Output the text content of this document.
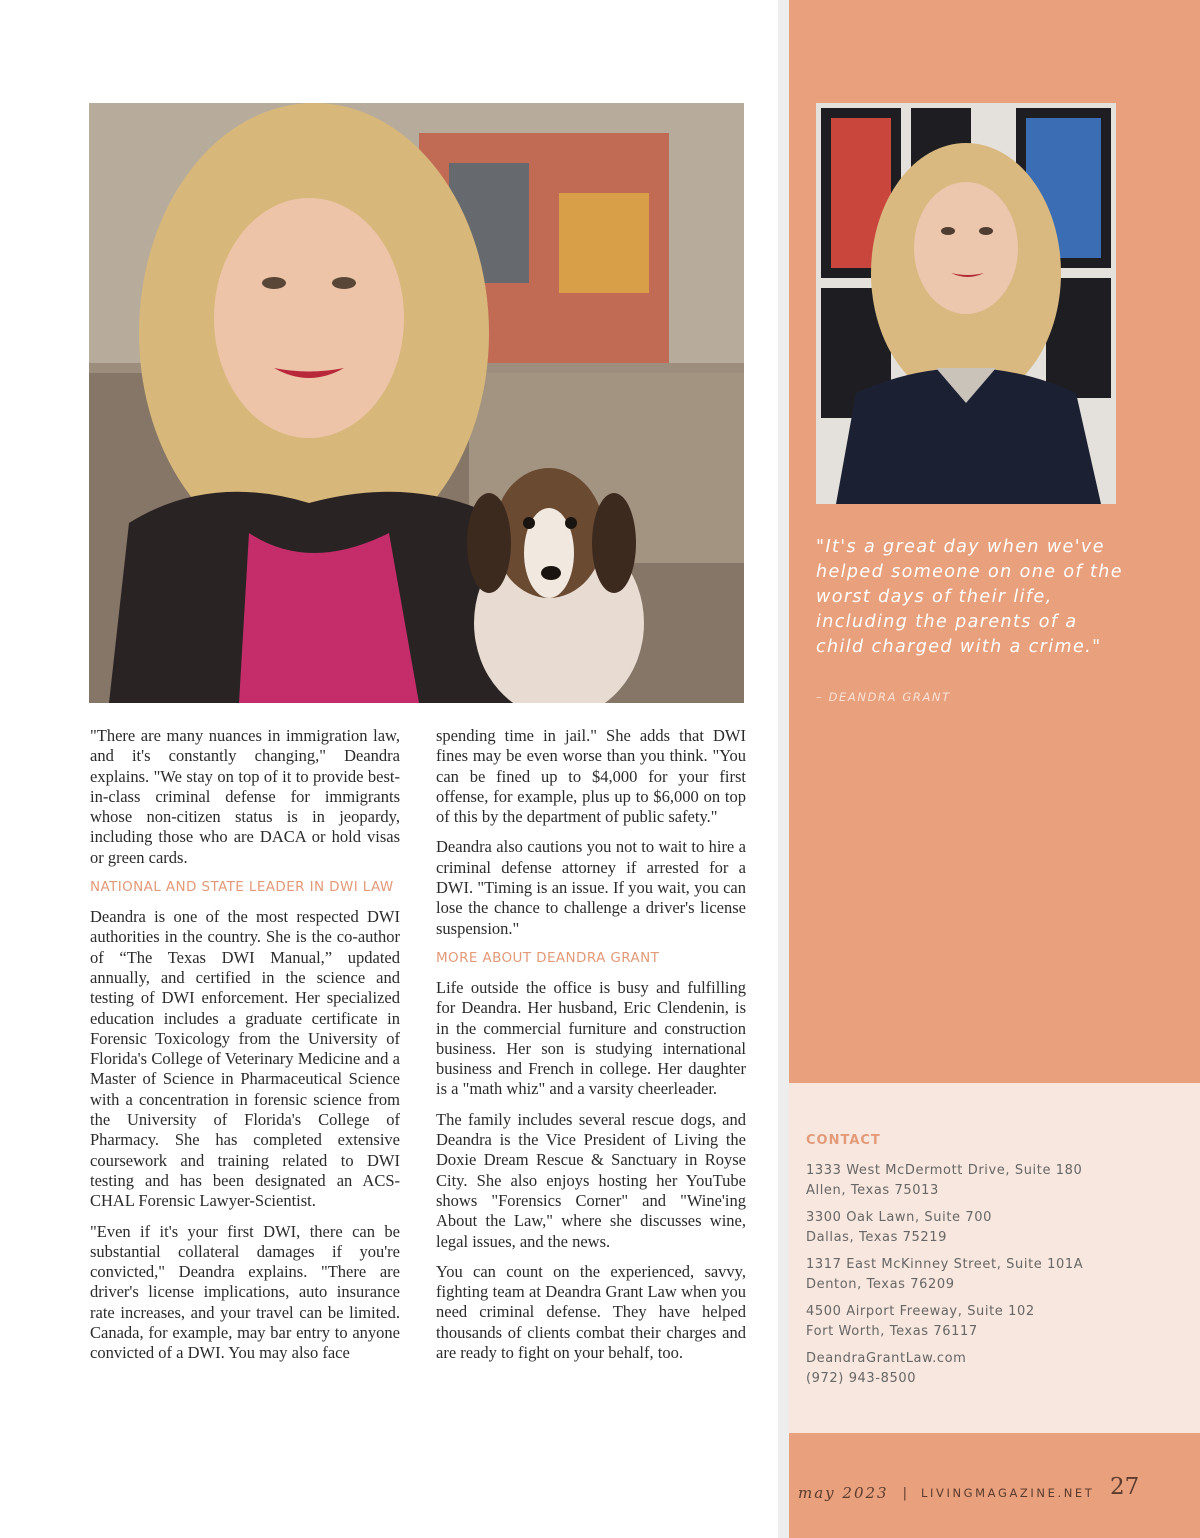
"It's a great day when we've helped someone on one of the worst days of their life, including the parents of a child charged with a crime."
– DEANDRA GRANT

"There are many nuances in immigration law, and it's constantly changing," Deandra explains. "We stay on top of it to provide best-in-class criminal defense for immigrants whose non-citizen status is in jeopardy, including those who are DACA or hold visas or green cards.

NATIONAL AND STATE LEADER IN DWI LAW

Deandra is one of the most respected DWI authorities in the country. She is the co-author of “The Texas DWI Manual,” updated annually, and certified in the science and testing of DWI enforcement. Her specialized education includes a graduate certificate in Forensic Toxicology from the University of Florida's College of Veterinary Medicine and a Master of Science in Pharmaceutical Science with a concentration in forensic science from the University of Florida's College of Pharmacy. She has completed extensive coursework and training related to DWI testing and has been designated an ACS-CHAL Forensic Lawyer-Scientist.

"Even if it's your first DWI, there can be substantial collateral damages if you're convicted," Deandra explains. "There are driver's license implications, auto insurance rate increases, and your travel can be limited. Canada, for example, may bar entry to anyone convicted of a DWI. You may also face

spending time in jail." She adds that DWI fines may be even worse than you think. "You can be fined up to $4,000 for your first offense, for example, plus up to $6,000 on top of this by the department of public safety."

Deandra also cautions you not to wait to hire a criminal defense attorney if arrested for a DWI. "Timing is an issue. If you wait, you can lose the chance to challenge a driver's license suspension."

MORE ABOUT DEANDRA GRANT

Life outside the office is busy and fulfilling for Deandra. Her husband, Eric Clendenin, is in the commercial furniture and construction business. Her son is studying international business and French in college. Her daughter is a "math whiz" and a varsity cheerleader.

The family includes several rescue dogs, and Deandra is the Vice President of Living the Doxie Dream Rescue & Sanctuary in Royse City. She also enjoys hosting her YouTube shows "Forensics Corner" and "Wine'ing About the Law," where she discusses wine, legal issues, and the news.

You can count on the experienced, savvy, fighting team at Deandra Grant Law when you need criminal defense. They have helped thousands of clients combat their charges and are ready to fight on your behalf, too.

CONTACT
1333 West McDermott Drive, Suite 180
Allen, Texas 75013
3300 Oak Lawn, Suite 700
Dallas, Texas 75219
1317 East McKinney Street, Suite 101A
Denton, Texas 76209
4500 Airport Freeway, Suite 102
Fort Worth, Texas 76117
DeandraGrantLaw.com
(972) 943-8500
may 2023 | LIVINGMAGAZINE.NET 27
